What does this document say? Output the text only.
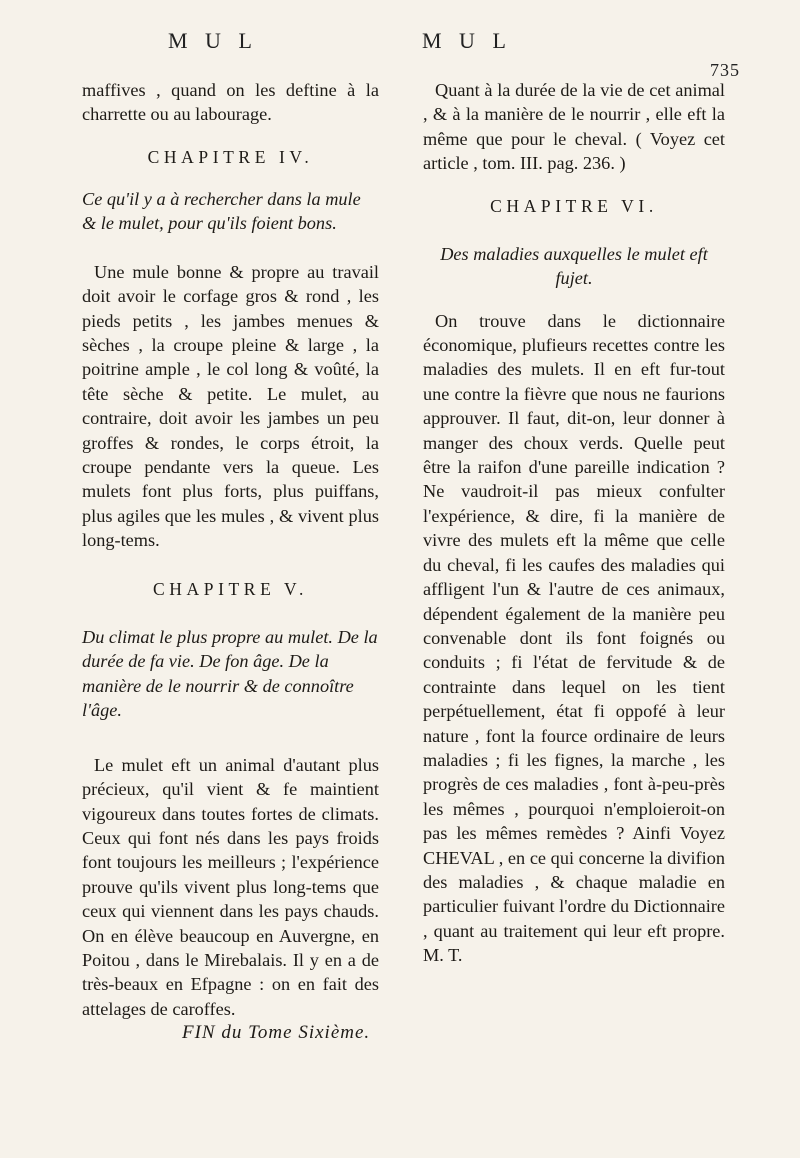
M U L	M U L
735

maffives , quand on les deftine à la charrette ou au labourage.

CHAPITRE IV.

Ce qu'il y a à rechercher dans la mule & le mulet, pour qu'ils foient bons.

Une mule bonne & propre au travail doit avoir le corfage gros & rond , les pieds petits , les jambes menues & sèches , la croupe pleine & large , la poitrine ample , le col long & voûté, la tête sèche & petite. Le mulet, au contraire, doit avoir les jambes un peu groffes & rondes, le corps étroit, la croupe pendante vers la queue. Les mulets font plus forts, plus puiffans, plus agiles que les mules , & vivent plus long-tems.

CHAPITRE V.

Du climat le plus propre au mulet. De la durée de fa vie. De fon âge. De la manière de le nourrir & de connoître l'âge.

Le mulet eft un animal d'autant plus précieux, qu'il vient & fe maintient vigoureux dans toutes fortes de climats. Ceux qui font nés dans les pays froids font toujours les meilleurs ; l'expérience prouve qu'ils vivent plus long-tems que ceux qui viennent dans les pays chauds. On en élève beaucoup en Auvergne, en Poitou , dans le Mirebalais. Il y en a de très-beaux en Efpagne : on en fait des attelages de caroffes.

Quant à la durée de la vie de cet animal , & à la manière de le nourrir , elle eft la même que pour le cheval. ( Voyez cet article , tom. III. pag. 236. )

CHAPITRE VI.

Des maladies auxquelles le mulet eft fujet.

On trouve dans le dictionnaire économique, plufieurs recettes contre les maladies des mulets. Il en eft fur-tout une contre la fièvre que nous ne faurions approuver. Il faut, dit-on, leur donner à manger des choux verds. Quelle peut être la raifon d'une pareille indication ? Ne vaudroit-il pas mieux confulter l'expérience, & dire, fi la manière de vivre des mulets eft la même que celle du cheval, fi les caufes des maladies qui affligent l'un & l'autre de ces animaux, dépendent également de la manière peu convenable dont ils font foignés ou conduits ; fi l'état de fervitude & de contrainte dans lequel on les tient perpétuellement, état fi oppofé à leur nature , font la fource ordinaire de leurs maladies ; fi les fignes, la marche , les progrès de ces maladies , font à-peu-près les mêmes , pourquoi n'emploieroit-on pas les mêmes remèdes ? Ainfi Voyez CHEVAL , en ce qui concerne la divifion des maladies , & chaque maladie en particulier fuivant l'ordre du Dictionnaire , quant au traitement qui leur eft propre. M. T.

FIN du Tome Sixième.
